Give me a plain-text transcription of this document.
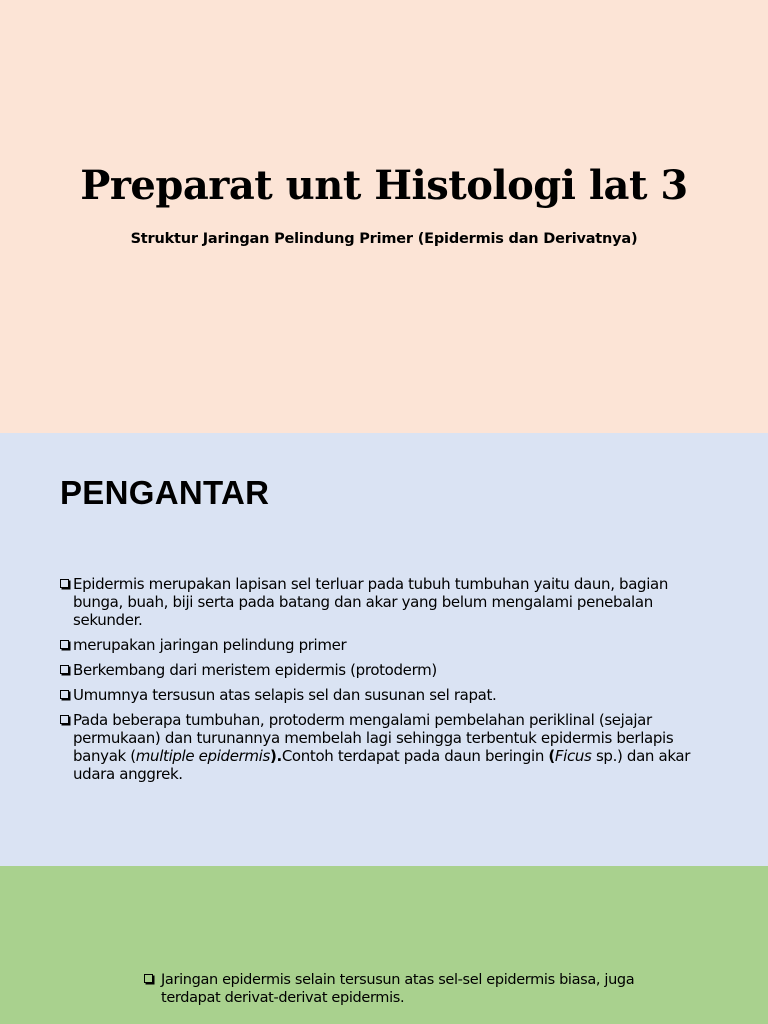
Preparat unt Histologi lat 3
Struktur Jaringan Pelindung Primer (Epidermis dan Derivatnya)
PENGANTAR
Epidermis merupakan lapisan sel terluar pada tubuh tumbuhan yaitu daun, bagian bunga, buah, biji serta pada batang dan akar yang belum mengalami penebalan sekunder.
merupakan jaringan pelindung primer
Berkembang dari meristem epidermis (protoderm)
Umumnya tersusun atas selapis sel dan susunan sel rapat.
Pada beberapa tumbuhan, protoderm mengalami pembelahan periklinal (sejajar permukaan) dan turunannya membelah lagi sehingga terbentuk epidermis berlapis banyak (multiple epidermis).Contoh terdapat pada daun beringin (Ficus sp.) dan akar udara anggrek.
Jaringan epidermis selain tersusun atas sel-sel epidermis biasa, juga terdapat derivat-derivat epidermis.
